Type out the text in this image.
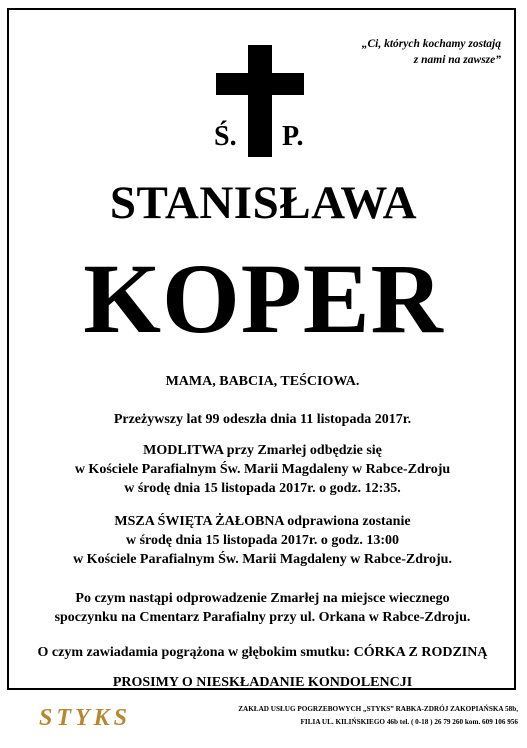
„Ci, których kochamy zostają
z nami na zawsze”
Ś. P.
STANISŁAWA
KOPER
MAMA, BABCIA, TEŚCIOWA.
Przeżywszy lat 99 odeszła dnia 11 listopada 2017r.
MODLITWA przy Zmarłej odbędzie się
w Kościele Parafialnym Św. Marii Magdaleny w Rabce-Zdroju
w środę dnia 15 listopada 2017r. o godz. 12:35.
MSZA ŚWIĘTA ŻAŁOBNA odprawiona zostanie
w środę dnia 15 listopada 2017r. o godz. 13:00
w Kościele Parafialnym Św. Marii Magdaleny w Rabce-Zdroju.
Po czym nastąpi odprowadzenie Zmarłej na miejsce wiecznego
spoczynku na Cmentarz Parafialny przy ul. Orkana w Rabce-Zdroju.
O czym zawiadamia pogrążona w głębokim smutku: CÓRKA Z RODZINĄ
PROSIMY O NIESKŁADANIE KONDOLENCJI
STYKS	ZAKŁAD USŁUG POGRZEBOWYCH „STYKS” RABKA-ZDRÓJ ZAKOPIAŃSKA 58b,
FILIA UL. KILIŃSKIEGO 46b tel. ( 0-18 ) 26 79 260 kom. 609 106 956
